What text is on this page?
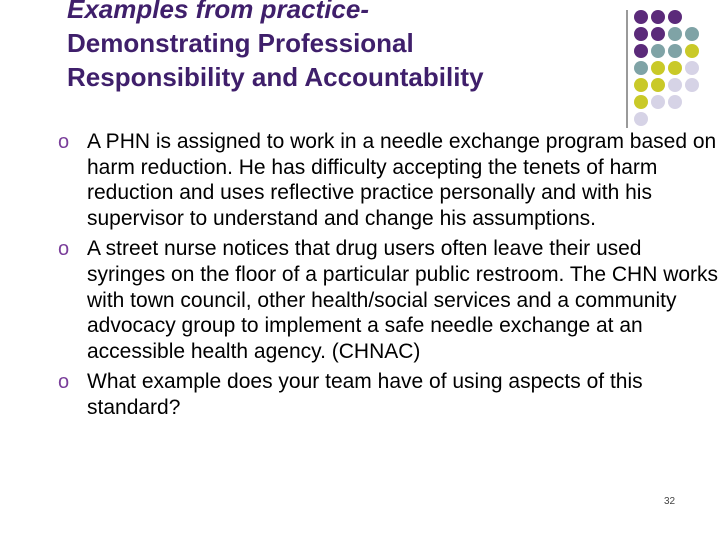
Examples from practice-
Demonstrating Professional
Responsibility and Accountability
o A PHN is assigned to work in a needle exchange program based on harm reduction. He has difficulty accepting the tenets of harm reduction and uses reflective practice personally and with his supervisor to understand and change his assumptions.
o A street nurse notices that drug users often leave their used syringes on the floor of a particular public restroom. The CHN works with town council, other health/social services and a community advocacy group to implement a safe needle exchange at an accessible health agency. (CHNAC)
o What example does your team have of using aspects of this standard?
32
